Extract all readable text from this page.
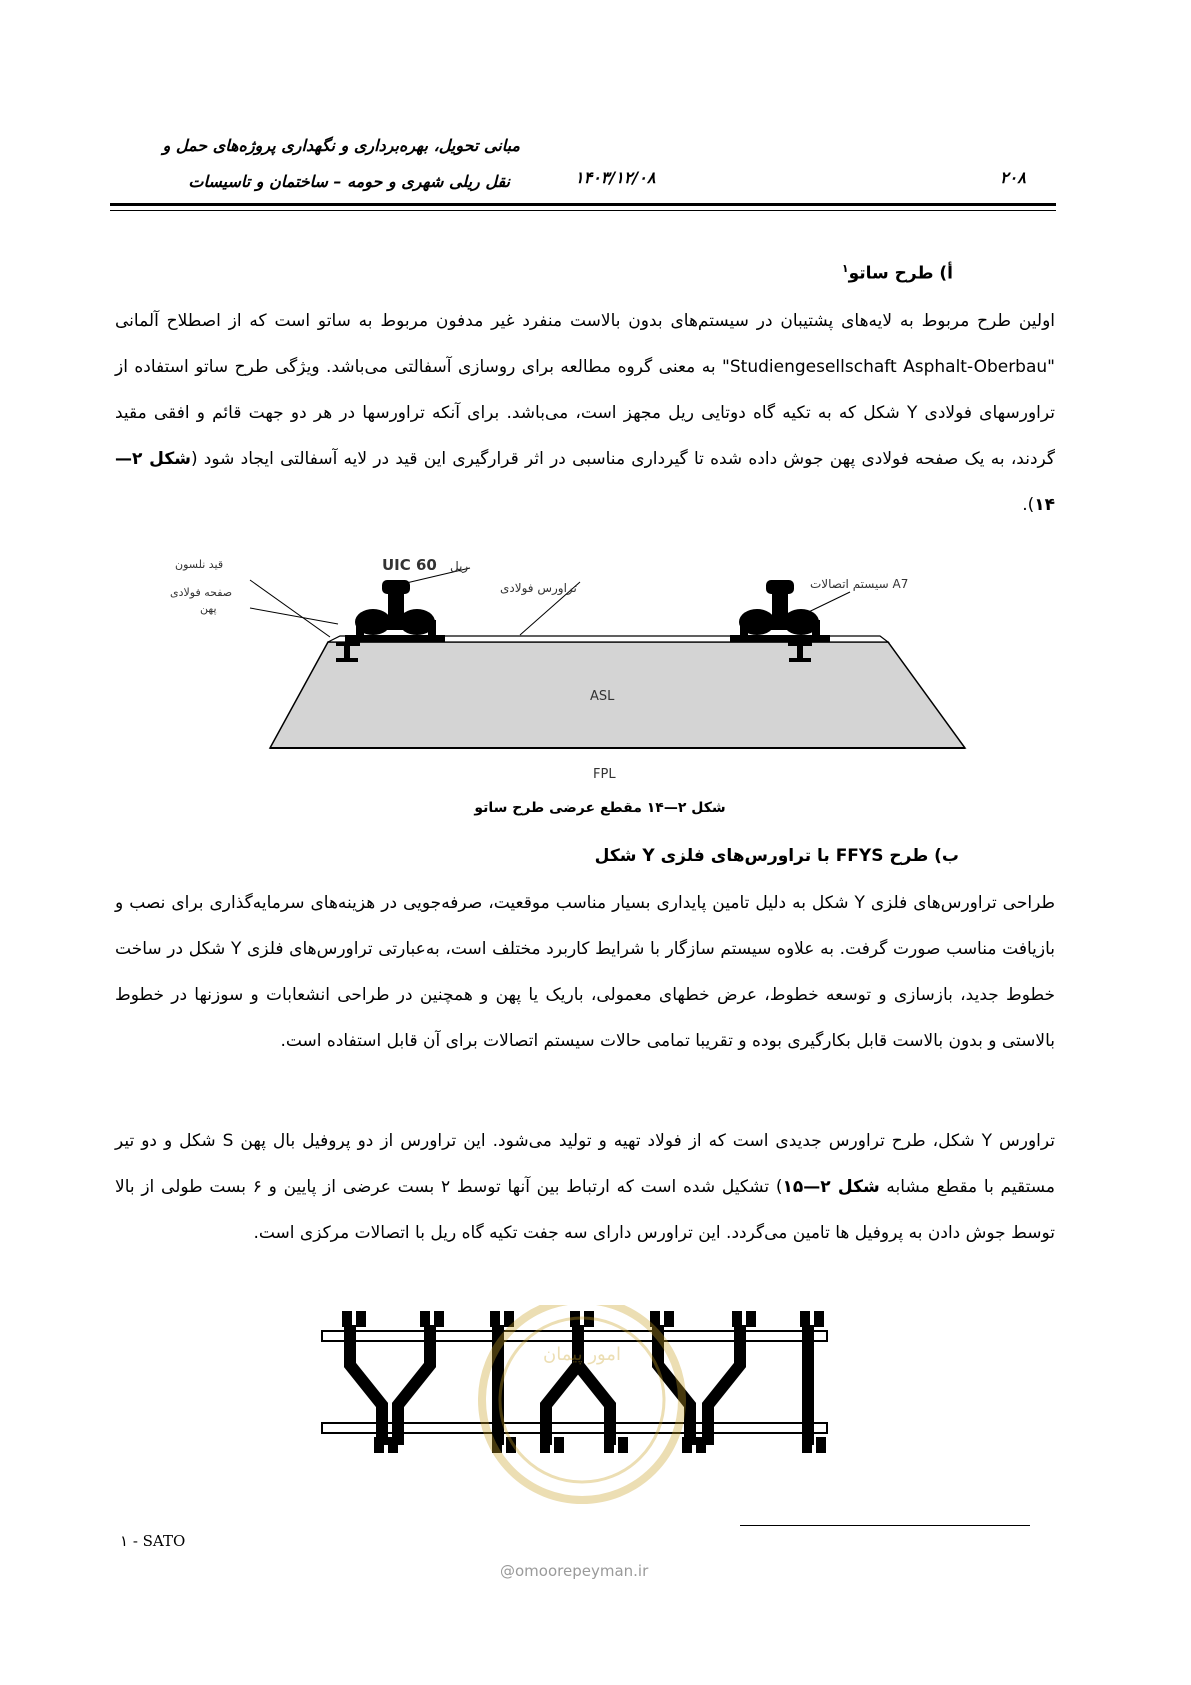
مبانی تحویل، بهره‌برداری و نگهداری پروژه‌های حمل و
نقل ریلی شهری و حومه – ساختمان و تاسیسات	۱۴۰۳/۱۲/۰۸	۲۰۸
أ) طرح ساتو$^۱$
اولین طرح مربوط به لایه‌های پشتیبان در سیستم‌های بدون بالاست منفرد غیر مدفون مربوط به ساتو است که از اصطلاح آلمانی "Studiengesellschaft Asphalt-Oberbau" به معنی گروه مطالعه برای روسازی آسفالتی می‌باشد. ویژگی طرح ساتو استفاده از تراورسهای فولادی Y شکل که به تکیه گاه دوتایی ریل مجهز است، می‌باشد. برای آنکه تراورسها در هر دو جهت قائم و افقی مقید گردند، به یک صفحه فولادی پهن جوش داده شده تا گیرداری مناسبی در اثر قرارگیری این قید در لایه آسفالتی ایجاد شود (شکل ۲—۱۴).
UIC 60 ریل
تراورس فولادی	سیستم اتصالات A7
قید نلسون
صفحه فولادی
پهن
ASL
FPL
شکل ۲—۱۴ مقطع عرضی طرح ساتو
ب) طرح FFYS با تراورس‌های فلزی Y شکل
طراحی تراورس‌های فلزی Y شکل به دلیل تامین پایداری بسیار مناسب موقعیت، صرفه‌جویی در هزینه‌های سرمایه‌گذاری برای نصب و بازیافت مناسب صورت گرفت. به علاوه سیستم سازگار با شرایط کاربرد مختلف است، به‌عبارتی تراورس‌های فلزی Y شکل در ساخت خطوط جدید، بازسازی و توسعه خطوط، عرض خطهای معمولی، باریک یا پهن و همچنین در طراحی انشعابات و سوزنها در خطوط بالاستی و بدون بالاست قابل بکارگیری بوده و تقریبا تمامی حالات سیستم اتصالات برای آن قابل استفاده است.
تراورس Y شکل، طرح تراورس جدیدی است که از فولاد تهیه و تولید می‌شود. این تراورس از دو پروفیل بال پهن S شکل و دو تیر مستقیم با مقطع مشابه شکل ۲—۱۵) تشکیل شده است که ارتباط بین آنها توسط ۲ بست عرضی از پایین و ۶ بست طولی از بالا توسط جوش دادن به پروفیل ها تامین می‌گردد. این تراورس دارای سه جفت تکیه گاه ریل با اتصالات مرکزی است.
امور پیمان
۱ - SATO
@omoorepeyman.ir
